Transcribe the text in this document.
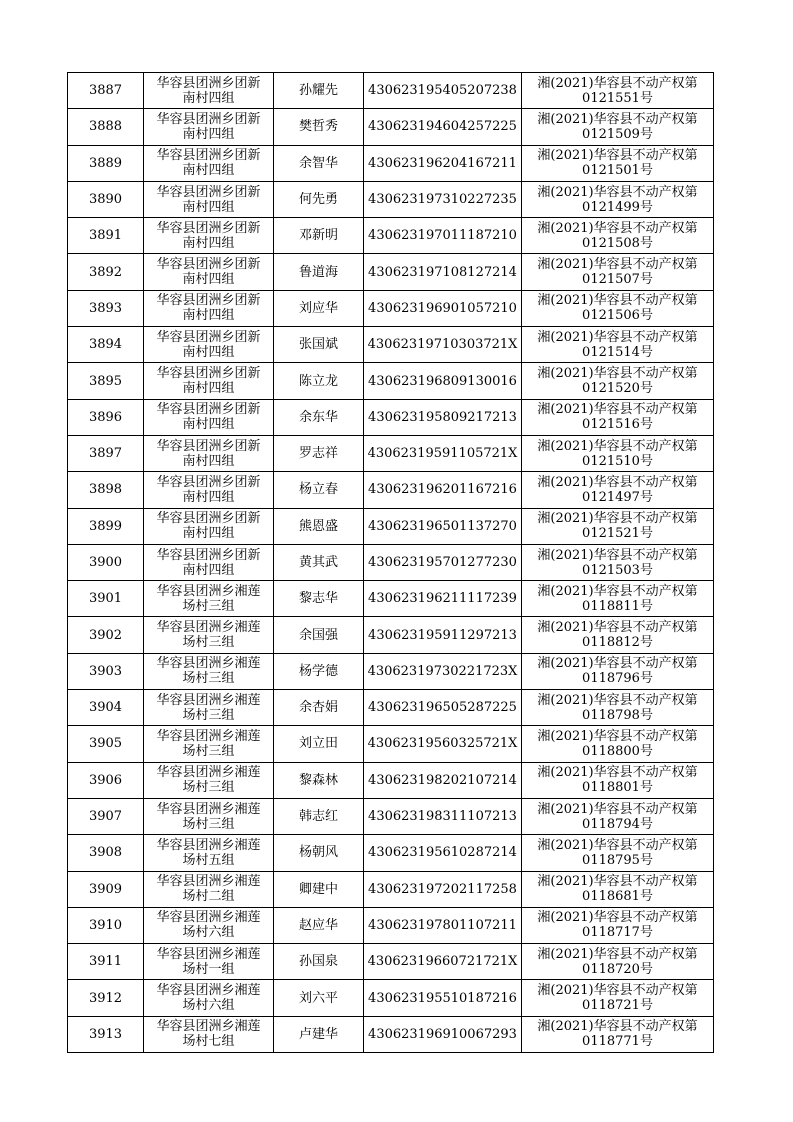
3887	华容县团洲乡团新
南村四组	孙耀先	430623195405207238	湘(2021)华容县不动产权第
0121551号
3888	华容县团洲乡团新
南村四组	樊哲秀	430623194604257225	湘(2021)华容县不动产权第
0121509号
3889	华容县团洲乡团新
南村四组	余智华	430623196204167211	湘(2021)华容县不动产权第
0121501号
3890	华容县团洲乡团新
南村四组	何先勇	430623197310227235	湘(2021)华容县不动产权第
0121499号
3891	华容县团洲乡团新
南村四组	邓新明	430623197011187210	湘(2021)华容县不动产权第
0121508号
3892	华容县团洲乡团新
南村四组	鲁道海	430623197108127214	湘(2021)华容县不动产权第
0121507号
3893	华容县团洲乡团新
南村四组	刘应华	430623196901057210	湘(2021)华容县不动产权第
0121506号
3894	华容县团洲乡团新
南村四组	张国斌	43062319710303721X	湘(2021)华容县不动产权第
0121514号
3895	华容县团洲乡团新
南村四组	陈立龙	430623196809130016	湘(2021)华容县不动产权第
0121520号
3896	华容县团洲乡团新
南村四组	余东华	430623195809217213	湘(2021)华容县不动产权第
0121516号
3897	华容县团洲乡团新
南村四组	罗志祥	43062319591105721X	湘(2021)华容县不动产权第
0121510号
3898	华容县团洲乡团新
南村四组	杨立春	430623196201167216	湘(2021)华容县不动产权第
0121497号
3899	华容县团洲乡团新
南村四组	熊恩盛	430623196501137270	湘(2021)华容县不动产权第
0121521号
3900	华容县团洲乡团新
南村四组	黄其武	430623195701277230	湘(2021)华容县不动产权第
0121503号
3901	华容县团洲乡湘莲
场村三组	黎志华	430623196211117239	湘(2021)华容县不动产权第
0118811号
3902	华容县团洲乡湘莲
场村三组	余国强	430623195911297213	湘(2021)华容县不动产权第
0118812号
3903	华容县团洲乡湘莲
场村三组	杨学德	43062319730221723X	湘(2021)华容县不动产权第
0118796号
3904	华容县团洲乡湘莲
场村三组	余杏娟	430623196505287225	湘(2021)华容县不动产权第
0118798号
3905	华容县团洲乡湘莲
场村三组	刘立田	43062319560325721X	湘(2021)华容县不动产权第
0118800号
3906	华容县团洲乡湘莲
场村三组	黎森林	430623198202107214	湘(2021)华容县不动产权第
0118801号
3907	华容县团洲乡湘莲
场村三组	韩志红	430623198311107213	湘(2021)华容县不动产权第
0118794号
3908	华容县团洲乡湘莲
场村五组	杨朝风	430623195610287214	湘(2021)华容县不动产权第
0118795号
3909	华容县团洲乡湘莲
场村二组	卿建中	430623197202117258	湘(2021)华容县不动产权第
0118681号
3910	华容县团洲乡湘莲
场村六组	赵应华	430623197801107211	湘(2021)华容县不动产权第
0118717号
3911	华容县团洲乡湘莲
场村一组	孙国泉	43062319660721721X	湘(2021)华容县不动产权第
0118720号
3912	华容县团洲乡湘莲
场村六组	刘六平	430623195510187216	湘(2021)华容县不动产权第
0118721号
3913	华容县团洲乡湘莲
场村七组	卢建华	430623196910067293	湘(2021)华容县不动产权第
0118771号
